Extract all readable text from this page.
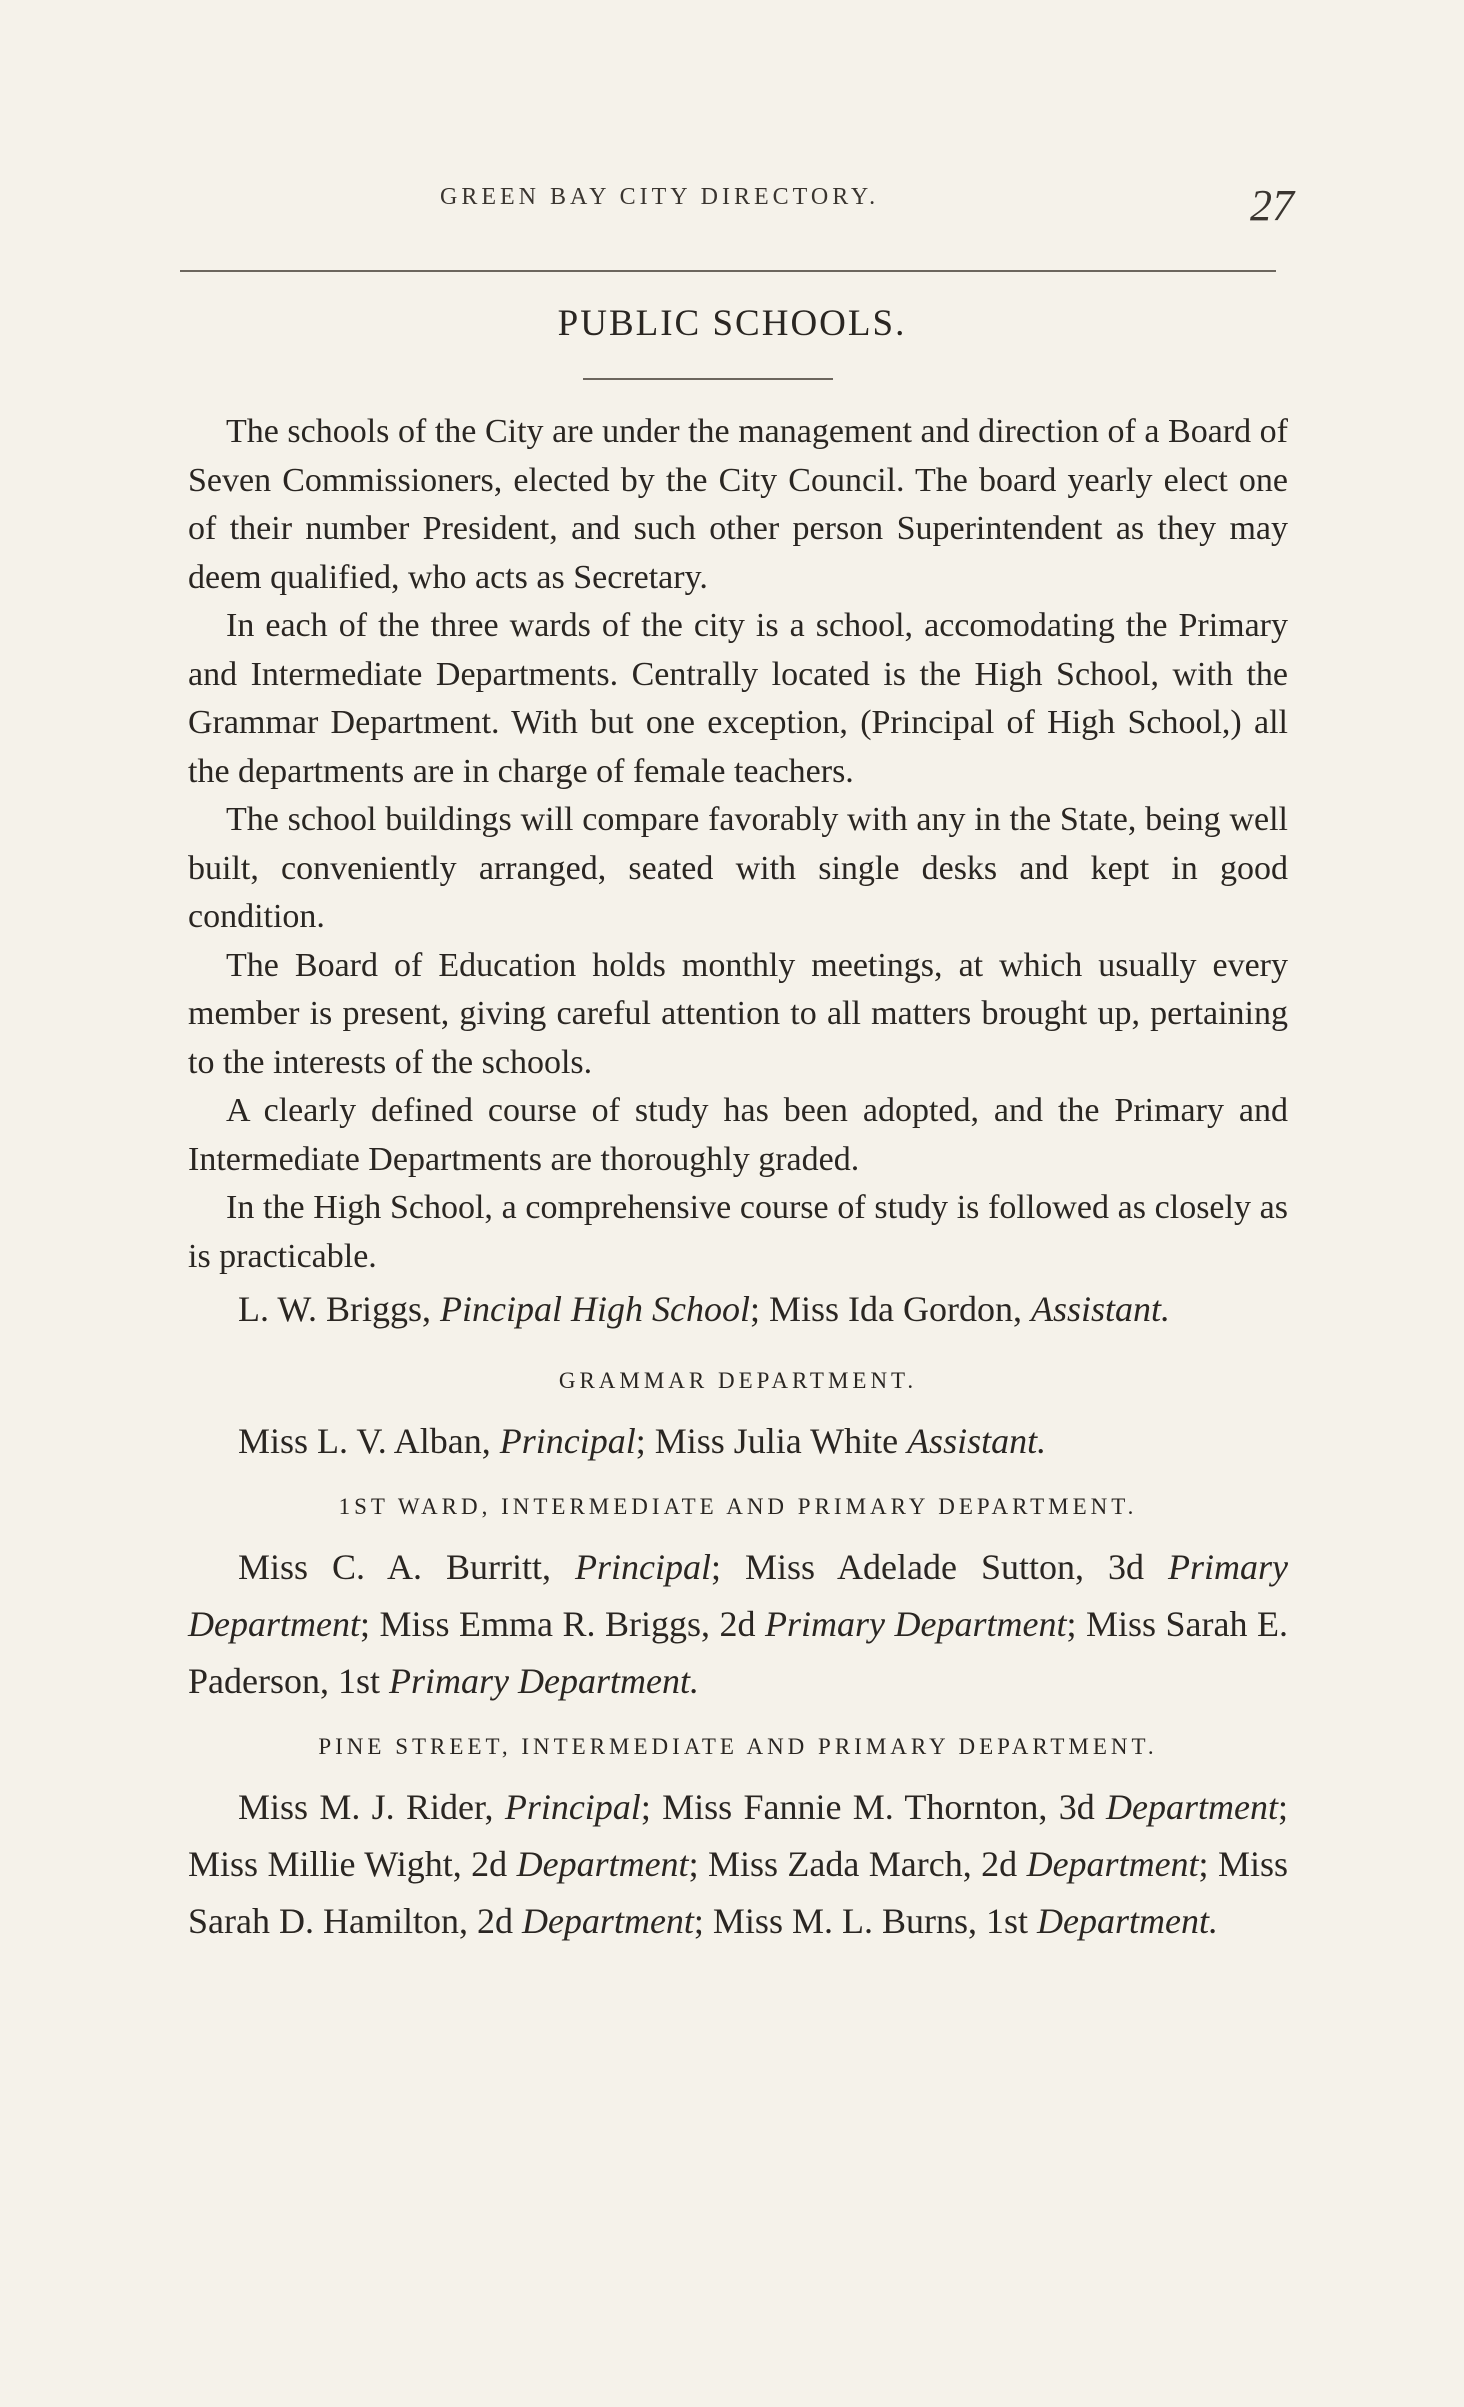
GREEN BAY CITY DIRECTORY.	27
PUBLIC SCHOOLS.

The schools of the City are under the management and direction of a Board of Seven Commissioners, elected by the City Council. The board yearly elect one of their number President, and such other person Superintendent as they may deem qualified, who acts as Secretary.

In each of the three wards of the city is a school, accomodating the Primary and Intermediate Departments. Centrally located is the High School, with the Grammar Department. With but one exception, (Principal of High School,) all the departments are in charge of female teachers.

The school buildings will compare favorably with any in the State, being well built, conveniently arranged, seated with single desks and kept in good condition.

The Board of Education holds monthly meetings, at which usually every member is present, giving careful attention to all matters brought up, pertaining to the interests of the schools.

A clearly defined course of study has been adopted, and the Primary and Intermediate Departments are thoroughly graded.

In the High School, a comprehensive course of study is followed as closely as is practicable.

L. W. Briggs, Pincipal High School; Miss Ida Gordon, Assistant.

GRAMMAR DEPARTMENT.

Miss L. V. Alban, Principal; Miss Julia White Assistant.

1ST WARD, INTERMEDIATE AND PRIMARY DEPARTMENT.

Miss C. A. Burritt, Principal; Miss Adelade Sutton, 3d Primary Department; Miss Emma R. Briggs, 2d Primary Department; Miss Sarah E. Paderson, 1st Primary Department.

PINE STREET, INTERMEDIATE AND PRIMARY DEPARTMENT.

Miss M. J. Rider, Principal; Miss Fannie M. Thornton, 3d Department; Miss Millie Wight, 2d Department; Miss Zada March, 2d Department; Miss Sarah D. Hamilton, 2d Department; Miss M. L. Burns, 1st Department.
